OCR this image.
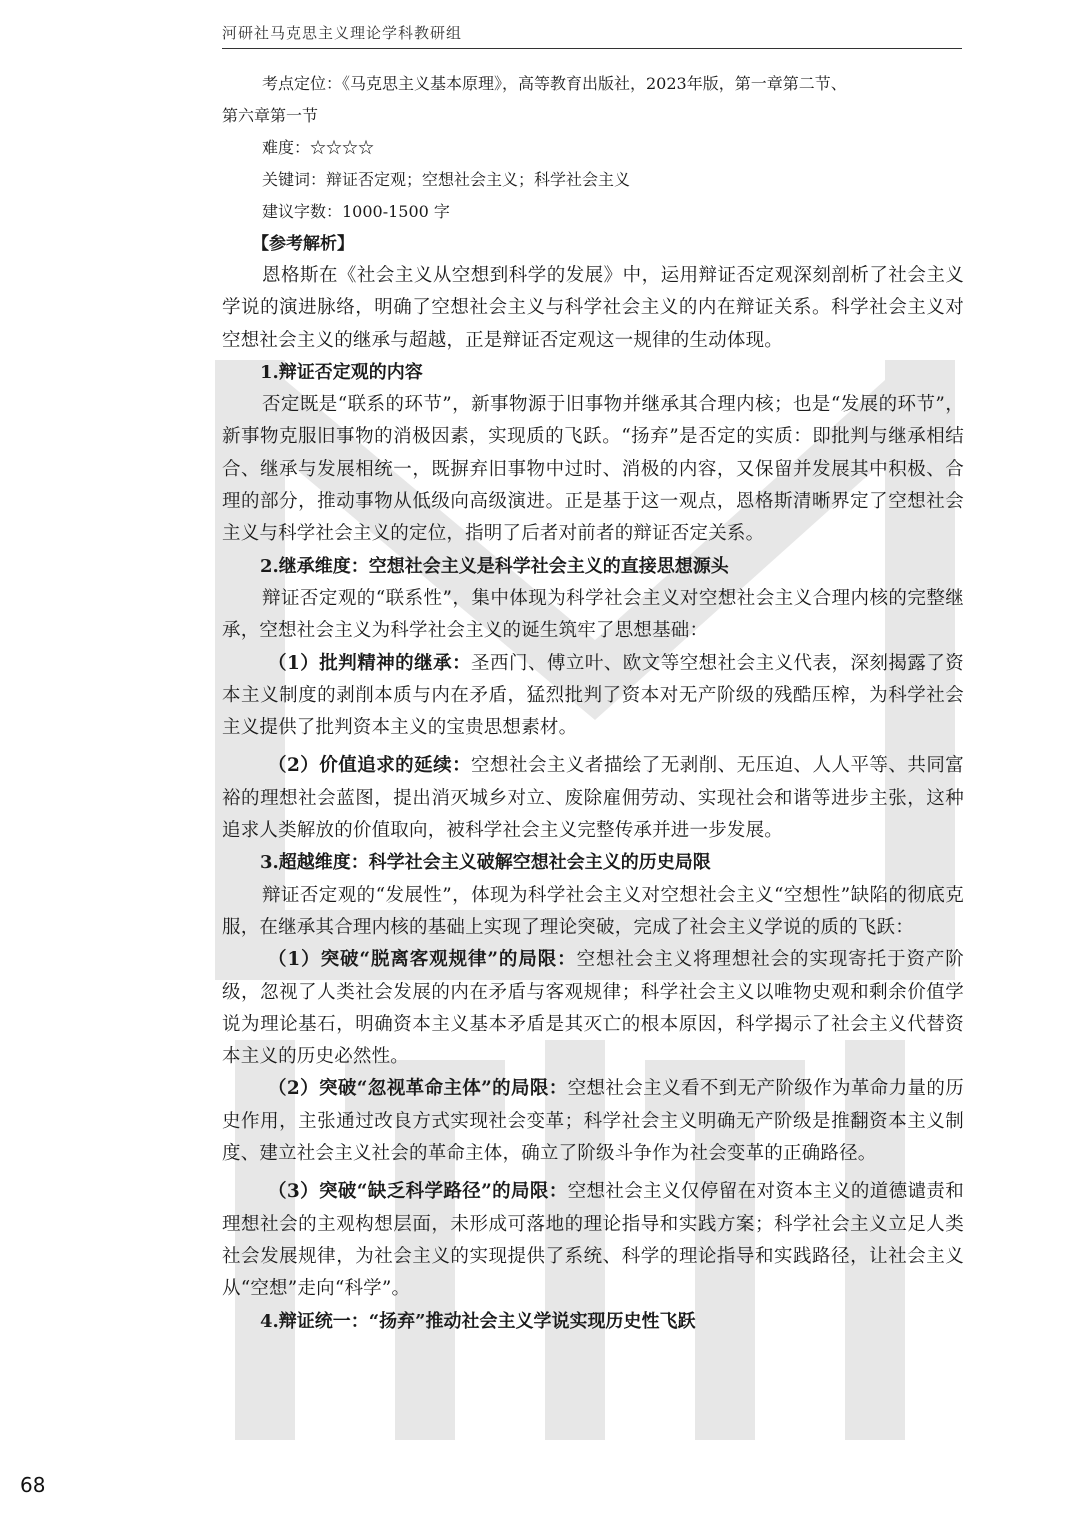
河研社马克思主义理论学科教研组

考点定位：《马克思主义基本原理》，高等教育出版社，2023年版，第一章第二节、

第六章第一节

难度：☆☆☆☆

关键词：辩证否定观；空想社会主义；科学社会主义

建议字数：1000-1500 字

【参考解析】

恩格斯在《社会主义从空想到科学的发展》中，运用辩证否定观深刻剖析了社会主义学说的演进脉络，明确了空想社会主义与科学社会主义的内在辩证关系。科学社会主义对空想社会主义的继承与超越，正是辩证否定观这一规律的生动体现。

1.辩证否定观的内容

否定既是“联系的环节”，新事物源于旧事物并继承其合理内核；也是“发展的环节”，新事物克服旧事物的消极因素，实现质的飞跃。“扬弃”是否定的实质：即批判与继承相结合、继承与发展相统一，既摒弃旧事物中过时、消极的内容，又保留并发展其中积极、合理的部分，推动事物从低级向高级演进。正是基于这一观点，恩格斯清晰界定了空想社会主义与科学社会主义的定位，指明了后者对前者的辩证否定关系。

2.继承维度：空想社会主义是科学社会主义的直接思想源头

辩证否定观的“联系性”，集中体现为科学社会主义对空想社会主义合理内核的完整继承，空想社会主义为科学社会主义的诞生筑牢了思想基础：

（1）批判精神的继承：圣西门、傅立叶、欧文等空想社会主义代表，深刻揭露了资本主义制度的剥削本质与内在矛盾，猛烈批判了资本对无产阶级的残酷压榨，为科学社会主义提供了批判资本主义的宝贵思想素材。

（2）价值追求的延续：空想社会主义者描绘了无剥削、无压迫、人人平等、共同富裕的理想社会蓝图，提出消灭城乡对立、废除雇佣劳动、实现社会和谐等进步主张，这种追求人类解放的价值取向，被科学社会主义完整传承并进一步发展。

3.超越维度：科学社会主义破解空想社会主义的历史局限

辩证否定观的“发展性”，体现为科学社会主义对空想社会主义“空想性”缺陷的彻底克服，在继承其合理内核的基础上实现了理论突破，完成了社会主义学说的质的飞跃：

（1）突破“脱离客观规律”的局限：空想社会主义将理想社会的实现寄托于资产阶级，忽视了人类社会发展的内在矛盾与客观规律；科学社会主义以唯物史观和剩余价值学说为理论基石，明确资本主义基本矛盾是其灭亡的根本原因，科学揭示了社会主义代替资本主义的历史必然性。

（2）突破“忽视革命主体”的局限：空想社会主义看不到无产阶级作为革命力量的历史作用，主张通过改良方式实现社会变革；科学社会主义明确无产阶级是推翻资本主义制度、建立社会主义社会的革命主体，确立了阶级斗争作为社会变革的正确路径。

（3）突破“缺乏科学路径”的局限：空想社会主义仅停留在对资本主义的道德谴责和理想社会的主观构想层面，未形成可落地的理论指导和实践方案；科学社会主义立足人类社会发展规律，为社会主义的实现提供了系统、科学的理论指导和实践路径，让社会主义从“空想”走向“科学”。

4.辩证统一：“扬弃”推动社会主义学说实现历史性飞跃
68
